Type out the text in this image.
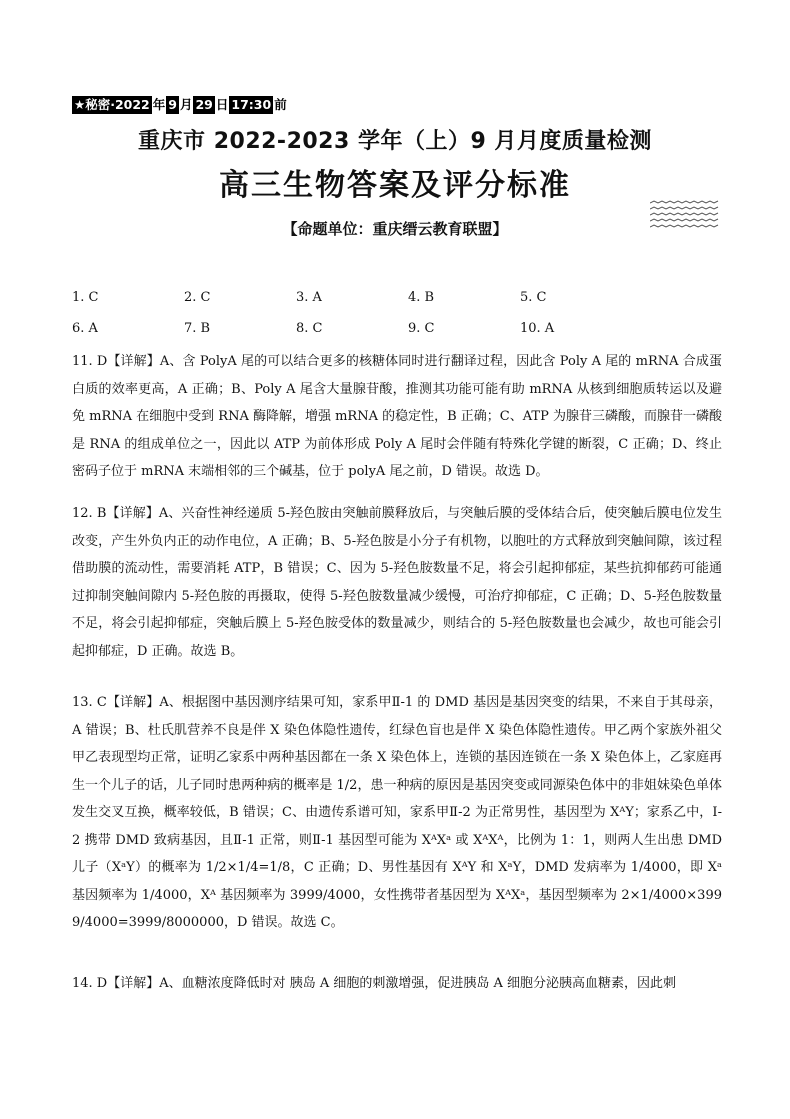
★秘密·2022 年 9 月 29 日 17:30 前
重庆市 2022-2023 学年（上）9 月月度质量检测
高三生物答案及评分标准
【命题单位：重庆缙云教育联盟】
1. C	2. C	3. A	4. B	5. C
6. A	7. B	8. C	9. C	10. A
11. D【详解】A、含 PolyA 尾的可以结合更多的核糖体同时进行翻译过程，因此含 Poly A 尾的 mRNA 合成蛋白质的效率更高，A 正确；B、Poly A 尾含大量腺苷酸，推测其功能可能有助 mRNA 从核到细胞质转运以及避免 mRNA 在细胞中受到 RNA 酶降解，增强 mRNA 的稳定性，B 正确；C、ATP 为腺苷三磷酸，而腺苷一磷酸是 RNA 的组成单位之一，因此以 ATP 为前体形成 Poly A 尾时会伴随有特殊化学键的断裂，C 正确；D、终止密码子位于 mRNA 末端相邻的三个碱基，位于 polyA 尾之前，D 错误。故选 D。
12. B【详解】A、兴奋性神经递质 5-羟色胺由突触前膜释放后，与突触后膜的受体结合后，使突触后膜电位发生改变，产生外负内正的动作电位，A 正确；B、5-羟色胺是小分子有机物，以胞吐的方式释放到突触间隙，该过程借助膜的流动性，需要消耗 ATP，B 错误；C、因为 5-羟色胺数量不足，将会引起抑郁症，某些抗抑郁药可能通过抑制突触间隙内 5-羟色胺的再摄取，使得 5-羟色胺数量减少缓慢，可治疗抑郁症，C 正确；D、5-羟色胺数量不足，将会引起抑郁症，突触后膜上 5-羟色胺受体的数量减少，则结合的 5-羟色胺数量也会减少，故也可能会引起抑郁症，D 正确。故选 B。
13. C【详解】A、根据图中基因测序结果可知，家系甲Ⅱ-1 的 DMD 基因是基因突变的结果，不来自于其母亲，A 错误；B、杜氏肌营养不良是伴 X 染色体隐性遗传，红绿色盲也是伴 X 染色体隐性遗传。甲乙两个家族外祖父甲乙表现型均正常，证明乙家系中两种基因都在一条 X 染色体上，连锁的基因连锁在一条 X 染色体上，乙家庭再生一个儿子的话，儿子同时患两种病的概率是 1/2，患一种病的原因是基因突变或同源染色体中的非姐妹染色单体发生交叉互换，概率较低，B 错误；C、由遗传系谱可知，家系甲Ⅱ-2 为正常男性，基因型为 XᴬY；家系乙中，Ⅰ-2 携带 DMD 致病基因，且Ⅱ-1 正常，则Ⅱ-1 基因型可能为 XᴬXᵃ 或 XᴬXᴬ，比例为 1：1，则两人生出患 DMD 儿子（XᵃY）的概率为 1/2×1/4=1/8，C 正确；D、男性基因有 XᴬY 和 XᵃY，DMD 发病率为 1/4000，即 Xᵃ 基因频率为 1/4000，Xᴬ 基因频率为 3999/4000，女性携带者基因型为 XᴬXᵃ，基因型频率为 2×1/4000×3999/4000=3999/8000000，D 错误。故选 C。
14. D【详解】A、血糖浓度降低时对 胰岛 A 细胞的刺激增强，促进胰岛 A 细胞分泌胰高血糖素，因此刺
